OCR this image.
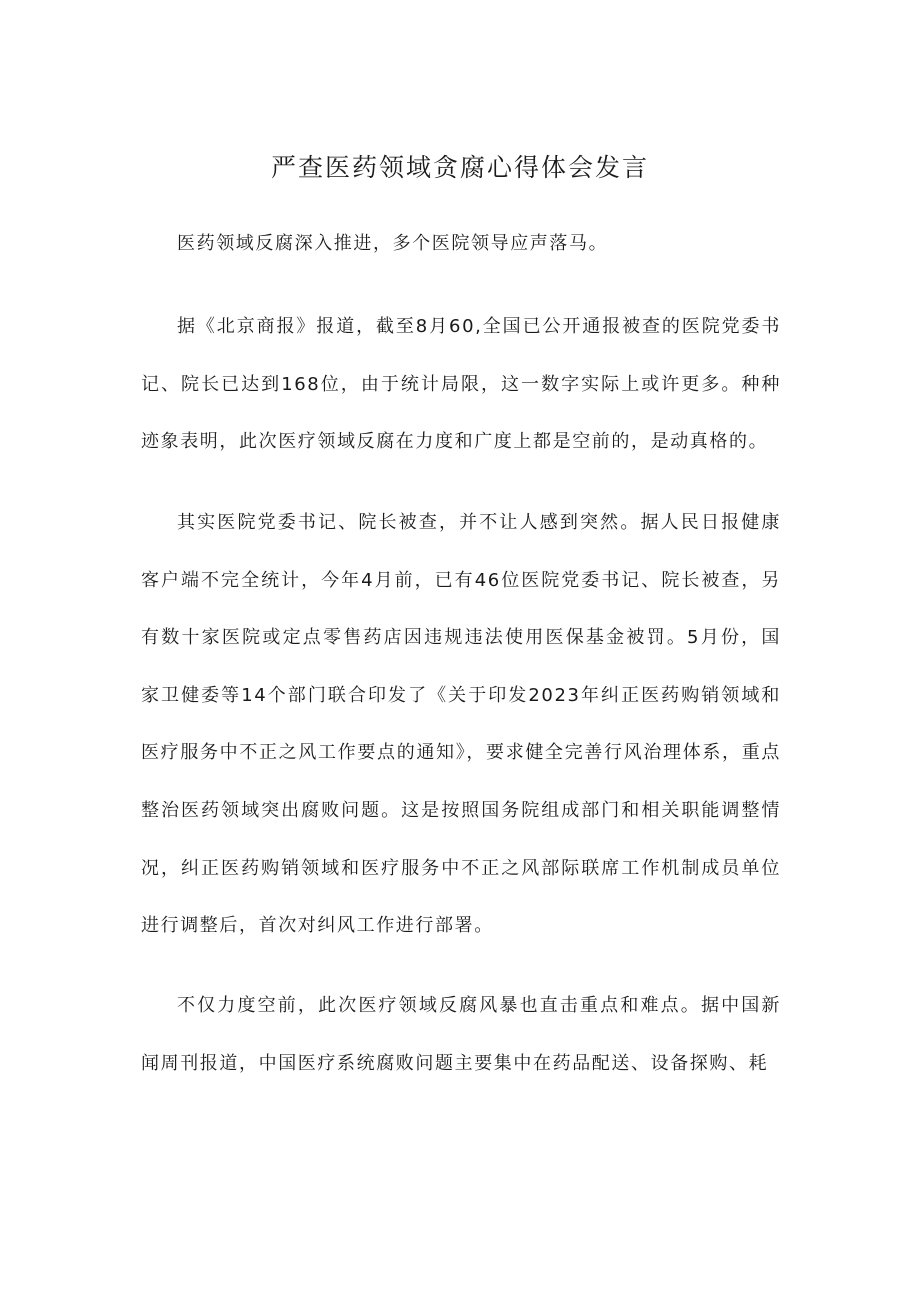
严查医药领域贪腐心得体会发言

医药领域反腐深入推进，多个医院领导应声落马。

据《北京商报》报道，截至8月60,全国已公开通报被查的医院党委书记、院长已达到168位，由于统计局限，这一数字实际上或许更多。种种迹象表明，此次医疗领域反腐在力度和广度上都是空前的，是动真格的。

其实医院党委书记、院长被查，并不让人感到突然。据人民日报健康客户端不完全统计，今年4月前，已有46位医院党委书记、院长被查，另有数十家医院或定点零售药店因违规违法使用医保基金被罚。5月份，国家卫健委等14个部门联合印发了《关于印发2023年纠正医药购销领域和医疗服务中不正之风工作要点的通知》，要求健全完善行风治理体系，重点整治医药领域突出腐败问题。这是按照国务院组成部门和相关职能调整情况，纠正医药购销领域和医疗服务中不正之风部际联席工作机制成员单位进行调整后，首次对纠风工作进行部署。

不仅力度空前，此次医疗领域反腐风暴也直击重点和难点。据中国新闻周刊报道，中国医疗系统腐败问题主要集中在药品配送、设备探购、耗
